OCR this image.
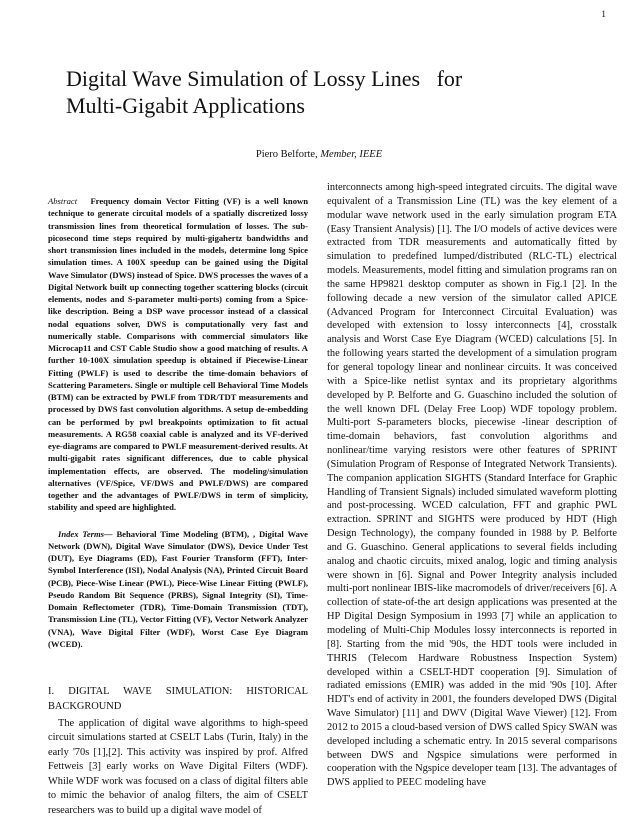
1
Digital Wave Simulation of Lossy Lines   for
Multi-Gigabit Applications
Piero Belforte, Member, IEEE

Abstract Frequency domain Vector Fitting (VF) is a well known technique to generate circuital models of a spatially discretized lossy transmission lines from theoretical formulation of losses. The sub-picosecond time steps required by multi-gigahertz bandwidths and short transmission lines included in the models, determine long Spice simulation times. A 100X speedup can be gained using the Digital Wave Simulator (DWS) instead of Spice. DWS processes the waves of a Digital Network built up connecting together scattering blocks (circuit elements, nodes and S-parameter multi-ports) coming from a Spice-like description. Being a DSP wave processor instead of a classical nodal equations solver, DWS is computationally very fast and numerically stable. Comparisons with commercial simulators like Microcap11 and CST Cable Studio show a good matching of results. A further 10-100X simulation speedup is obtained if Piecewise-Linear Fitting (PWLF) is used to describe the time-domain behaviors of Scattering Parameters. Single or multiple cell Behavioral Time Models (BTM) can be extracted by PWLF from TDR/TDT measurements and processed by DWS fast convolution algorithms. A setup de-embedding can be performed by pwl breakpoints optimization to fit actual measurements. A RG58 coaxial cable is analyzed and its VF-derived eye-diagrams are compared to PWLF measurement-derived results. At multi-gigabit rates significant differences, due to cable physical implementation effects, are observed. The modeling/simulation alternatives (VF/Spice, VF/DWS and PWLF/DWS) are compared together and the advantages of PWLF/DWS in term of simplicity, stability and speed are highlighted.

Index Terms— Behavioral Time Modeling (BTM), , Digital Wave Network (DWN), Digital Wave Simulator (DWS), Device Under Test (DUT), Eye Diagrams (ED), Fast Fourier Transform (FFT), Inter-Symbol Interference (ISI), Nodal Analysis (NA), Printed Circuit Board (PCB), Piece-Wise Linear (PWL), Piece-Wise Linear Fitting (PWLF), Pseudo Random Bit Sequence (PRBS), Signal Integrity (SI), Time-Domain Reflectometer (TDR), Time-Domain Transmission (TDT), Transmission Line (TL), Vector Fitting (VF), Vector Network Analyzer (VNA), Wave Digital Filter (WDF), Worst Case Eye Diagram (WCED).

I. DIGITAL WAVE SIMULATION: HISTORICAL BACKGROUND

The application of digital wave algorithms to high-speed circuit simulations started at CSELT Labs (Turin, Italy) in the early '70s [1],[2]. This activity was inspired by prof. Alfred Fettweis [3] early works on Wave Digital Filters (WDF). While WDF work was focused on a class of digital filters able to mimic the behavior of analog filters, the aim of CSELT researchers was to build up a digital wave model of

interconnects among high-speed integrated circuits. The digital wave equivalent of a Transmission Line (TL) was the key element of a modular wave network used in the early simulation program ETA (Easy Transient Analysis) [1]. The I/O models of active devices were extracted from TDR measurements and automatically fitted by simulation to predefined lumped/distributed (RLC-TL) electrical models. Measurements, model fitting and simulation programs ran on the same HP9821 desktop computer as shown in Fig.1 [2]. In the following decade a new version of the simulator called APICE (Advanced Program for Interconnect Circuital Evaluation) was developed with extension to lossy interconnects [4], crosstalk analysis and Worst Case Eye Diagram (WCED) calculations [5]. In the following years started the development of a simulation program for general topology linear and nonlinear circuits. It was conceived with a Spice-like netlist syntax and its proprietary algorithms developed by P. Belforte and G. Guaschino included the solution of the well known DFL (Delay Free Loop) WDF topology problem. Multi-port S-parameters blocks, piecewise -linear description of time-domain behaviors, fast convolution algorithms and nonlinear/time varying resistors were other features of SPRINT (Simulation Program of Response of Integrated Network Transients). The companion application SIGHTS (Standard Interface for Graphic Handling of Transient Signals) included simulated waveform plotting and post-processing. WCED calculation, FFT and graphic PWL extraction. SPRINT and SIGHTS were produced by HDT (High Design Technology), the company founded in 1988 by P. Belforte and G. Guaschino. General applications to several fields including analog and chaotic circuits, mixed analog, logic and timing analysis were shown in [6]. Signal and Power Integrity analysis included multi-port nonlinear IBIS-like macromodels of driver/receivers [6]. A collection of state-of-the art design applications was presented at the HP Digital Design Symposium in 1993 [7] while an application to modeling of Multi-Chip Modules lossy interconnects is reported in [8]. Starting from the mid '90s, the HDT tools were included in THRIS (Telecom Hardware Robustness Inspection System) developed within a CSELT-HDT cooperation [9]. Simulation of radiated emissions (EMIR) was added in the mid '90s [10]. After HDT's end of activity in 2001, the founders developed DWS (Digital Wave Simulator) [11] and DWV (Digital Wave Viewer) [12]. From 2012 to 2015 a cloud-based version of DWS called Spicy SWAN was developed including a schematic entry. In 2015 several comparisons between DWS and Ngspice simulations were performed in cooperation with the Ngspice developer team [13]. The advantages of DWS applied to PEEC modeling have
